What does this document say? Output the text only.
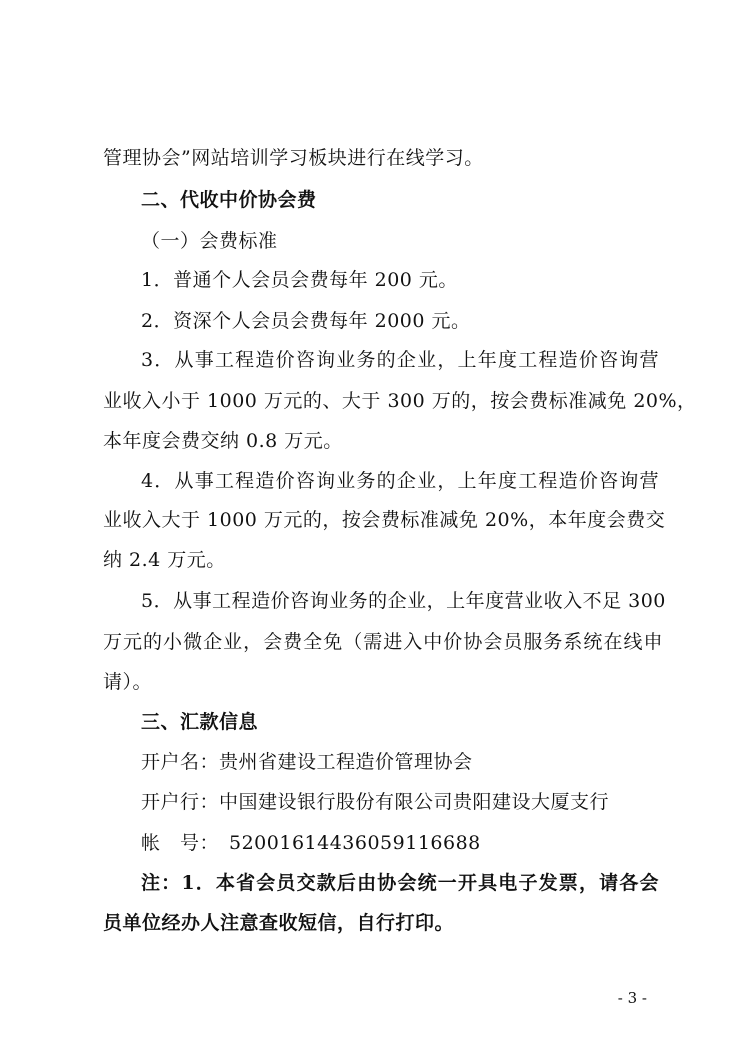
管理协会”网站培训学习板块进行在线学习。
二、代收中价协会费
（一）会费标准
1．普通个人会员会费每年 200 元。
2．资深个人会员会费每年 2000 元。
3．从事工程造价咨询业务的企业，上年度工程造价咨询营
业收入小于 1000 万元的、大于 300 万的，按会费标准减免 20%，
本年度会费交纳 0.8 万元。
4．从事工程造价咨询业务的企业，上年度工程造价咨询营
业收入大于 1000 万元的，按会费标准减免 20%，本年度会费交
纳 2.4 万元。
5．从事工程造价咨询业务的企业，上年度营业收入不足 300
万元的小微企业，会费全免（需进入中价协会员服务系统在线申
请）。
三、汇款信息
开户名：贵州省建设工程造价管理协会
开户行：中国建设银行股份有限公司贵阳建设大厦支行
帐　号： 52001614436059116688
注：1．本省会员交款后由协会统一开具电子发票，请各会
员单位经办人注意查收短信，自行打印。
- 3 -
